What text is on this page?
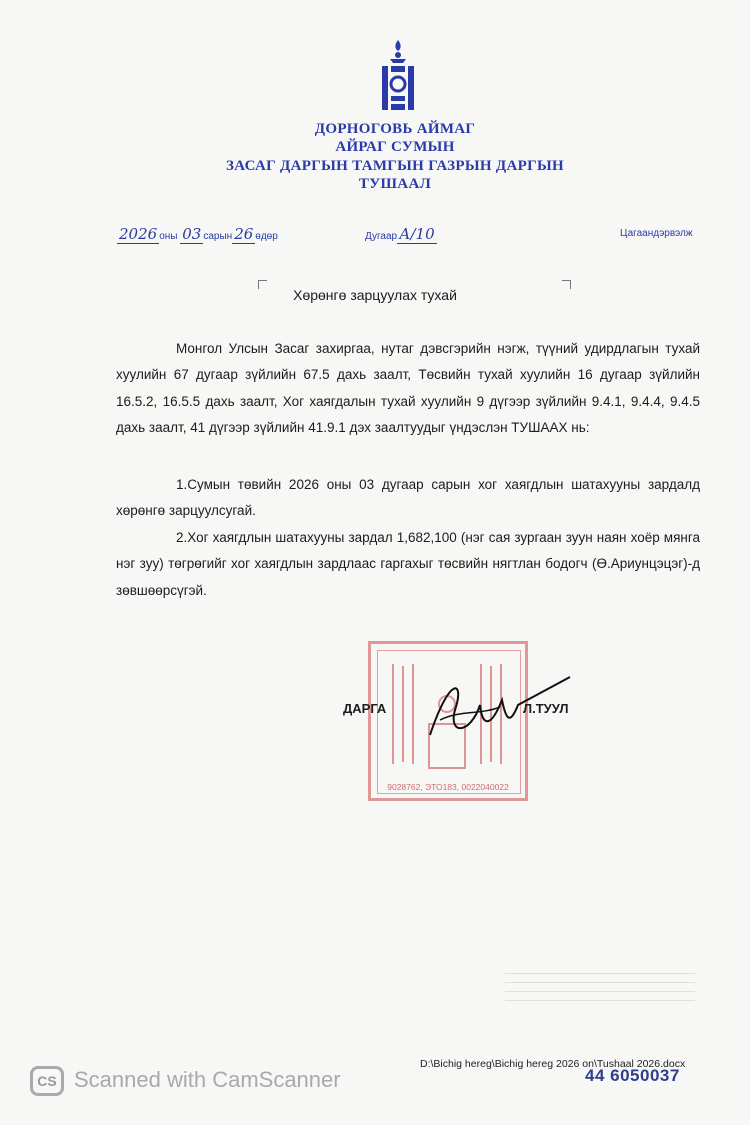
ДОРНОГОВЬ АЙМАГ
АЙРАГ СУМЫН
ЗАСАГ ДАРГЫН ТАМГЫН ГАЗРЫН ДАРГЫН
ТУШААЛ
2026 оны 03 сарын 26 өдөр	Дугаар А/10	Цагаандэрвэлж
Хөрөнгө зарцуулах тухай
Монгол Улсын Засаг захиргаа, нутаг дэвсгэрийн нэгж, түүний удирдлагын тухай хуулийн 67 дугаар зүйлийн 67.5 дахь заалт, Төсвийн тухай хуулийн 16 дугаар зүйлийн 16.5.2, 16.5.5 дахь заалт, Хог хаягдалын тухай хуулийн 9 дүгээр зүйлийн 9.4.1, 9.4.4, 9.4.5 дахь заалт, 41 дүгээр зүйлийн 41.9.1 дэх заалтуудыг үндэслэн ТУШААХ нь:
1.Сумын төвийн 2026 оны 03 дугаар сарын хог хаягдлын шатахууны зардалд хөрөнгө зарцуулсугай.
2.Хог хаягдлын шатахууны зардал 1,682,100 (нэг сая зургаан зуун наян хоёр мянга нэг зуу) төгрөгийг хог хаягдлын зардлаас гаргахыг төсвийн нягтлан бодогч (Ө.Ариунцэцэг)-д зөвшөөрсүгэй.
9028762, ЭТО183, 0022040022
ДАРГА	Л.ТУУЛ
D:\Bichig hereg\Bichig hereg 2026 on\Tushaal 2026.docx
44 6050037
CS Scanned with CamScanner
